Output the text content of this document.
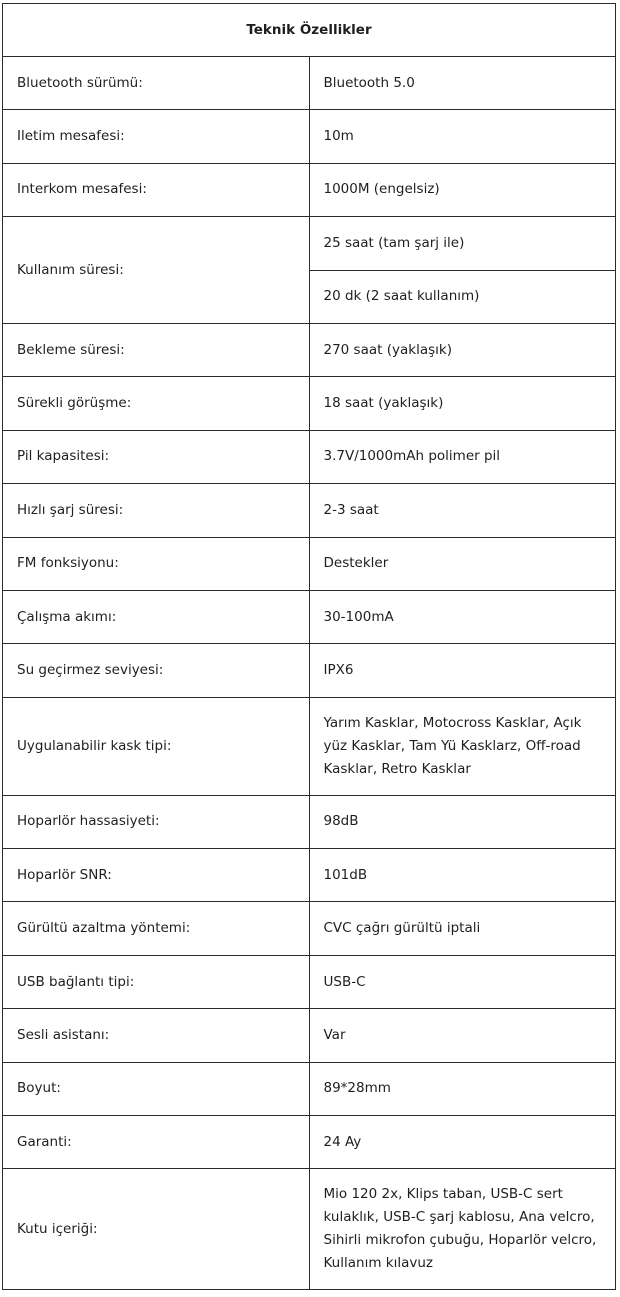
Teknik Özellikler	
Bluetooth sürümü:	Bluetooth 5.0
Iletim mesafesi:	10m
Interkom mesafesi:	1000M (engelsiz)
Kullanım süresi:	25 saat (tam şarj ile)
	20 dk (2 saat kullanım)
Bekleme süresi:	270 saat (yaklaşık)
Sürekli görüşme:	18 saat (yaklaşık)
Pil kapasitesi:	3.7V/1000mAh polimer pil
Hızlı şarj süresi:	2-3 saat
FM fonksiyonu:	Destekler
Çalışma akımı:	30-100mA
Su geçirmez seviyesi:	IPX6
Uygulanabilir kask tipi:	Yarım Kasklar, Motocross Kasklar, Açık yüz Kasklar, Tam Yü Kasklarz, Off-road Kasklar, Retro Kasklar
Hoparlör hassasiyeti:	98dB
Hoparlör SNR:	101dB
Gürültü azaltma yöntemi:	CVC çağrı gürültü iptali
USB bağlantı tipi:	USB-C
Sesli asistanı:	Var
Boyut:	89*28mm
Garanti:	24 Ay
Kutu içeriği:	Mio 120 2x, Klips taban, USB-C sert kulaklık, USB-C şarj kablosu, Ana velcro, Sihirli mikrofon çubuğu, Hoparlör velcro, Kullanım kılavuz
